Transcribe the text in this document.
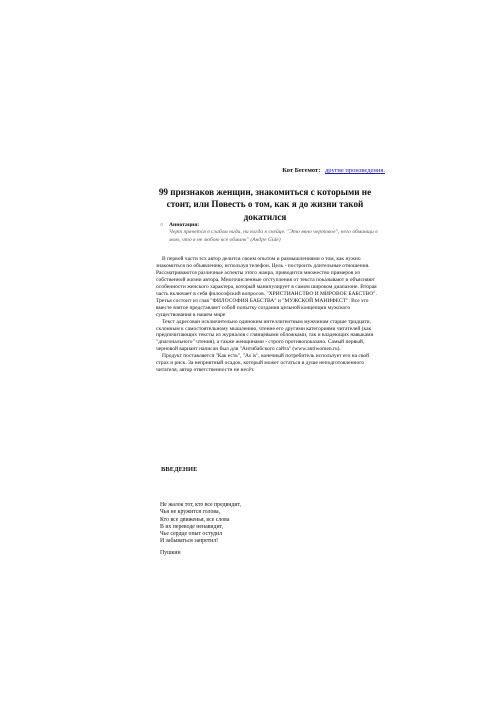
Кот Бегемот: другие произведения.
99 признаков женщин, знакомиться с которыми не стоит, или Повесть о том, как я до жизни такой докатился
○ Аннотация:
Черт прячется в слабом ниди, на когда к скейце. "Это явно чертовое", него обманщи в мою, что я не любою все обманк" (Андре Gide)

В первой части эсх автор делится своим опытом и размышлениями о том, как нужно знакомиться по объявлению, используя телефон. Цель - построить длительные отношения. Рассматриваются различные аспекты этого жанра, приводится множество примеров из собственной жизни автора. Многочисленные отступления от текста показывают и объясняют особенности женского характера, который манипулирует в самом широком диапазоне. Вторая часть включает в себя философский вопросов. "ХРИСТИАНСТВО И МИРОВОЕ БАБСТВО". Третья состоит из глав "ФИЛОСОФИЯ БАБСТВА" и "МУЖСКОЙ МАНИФЕСТ". Все это вместе взятое представляет собой попытку создания цельной концепции мужского существования в нашем мире

Текст адресован исключительно одиноким интеллигентным мужчинам старше тридцати, склонным к самостоятельному мышлению, чтение его другими категориями читателей (как предпочитающих тексты из журналов с глянцевыми обложками, так и владеющих навыками "диагонального" чтения), а также женщинами - строго противопоказано. Самый первый, черновой вариант написан был для "Антибабского сайта" (www.antiwomen.ru).

Продукт поставляется "Как есть", "As is", конечный потребитель использует его на свой страх и риск. За неприятный осадок, который может остаться в душе неподготовленного читателя, автор ответственности не несёт.

ВВЕДЕНИЕ
Не жалок тот, кто все предвидит,
Чья не кружится голова,
Кто все движенья, все слова
В их переводе ненавидит,
Чье сердце опыт остудил
И забываться запретил!
Пушкин
